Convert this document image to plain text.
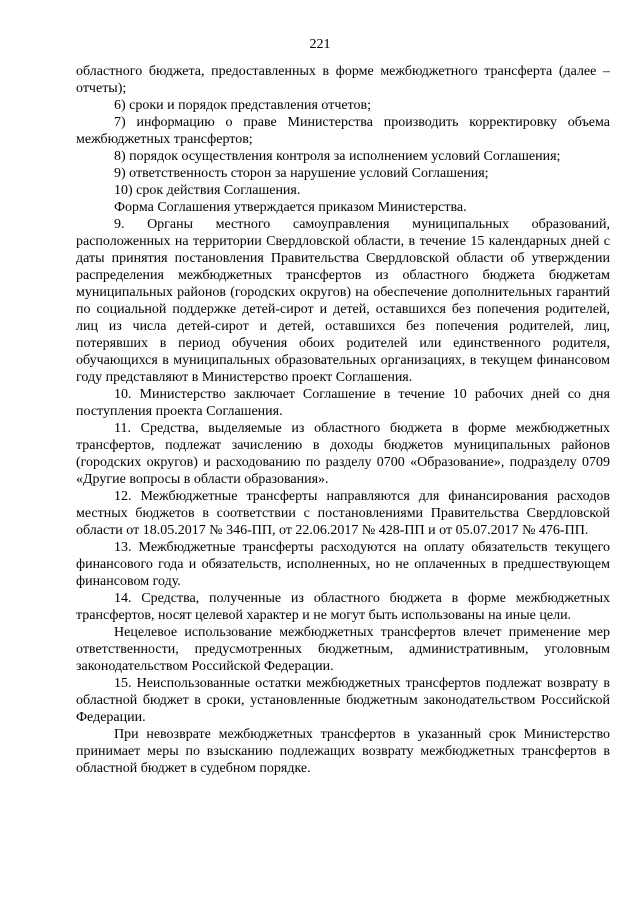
221

областного бюджета, предоставленных в форме межбюджетного трансферта (далее – отчеты);

6) сроки и порядок представления отчетов;

7) информацию о праве Министерства производить корректировку объема межбюджетных трансфертов;

8) порядок осуществления контроля за исполнением условий Соглашения;

9) ответственность сторон за нарушение условий Соглашения;

10) срок действия Соглашения.

Форма Соглашения утверждается приказом Министерства.

9. Органы местного самоуправления муниципальных образований, расположенных на территории Свердловской области, в течение 15 календарных дней с даты принятия постановления Правительства Свердловской области об утверждении распределения межбюджетных трансфертов из областного бюджета бюджетам муниципальных районов (городских округов) на обеспечение дополнительных гарантий по социальной поддержке детей-сирот и детей, оставшихся без попечения родителей, лиц из числа детей-сирот и детей, оставшихся без попечения родителей, лиц, потерявших в период обучения обоих родителей или единственного родителя, обучающихся в муниципальных образовательных организациях, в текущем финансовом году представляют в Министерство проект Соглашения.

10. Министерство заключает Соглашение в течение 10 рабочих дней со дня поступления проекта Соглашения.

11. Средства, выделяемые из областного бюджета в форме межбюджетных трансфертов, подлежат зачислению в доходы бюджетов муниципальных районов (городских округов) и расходованию по разделу 0700 «Образование», подразделу 0709 «Другие вопросы в области образования».

12. Межбюджетные трансферты направляются для финансирования расходов местных бюджетов в соответствии с постановлениями Правительства Свердловской области от 18.05.2017 № 346-ПП, от 22.06.2017 № 428-ПП и от 05.07.2017 № 476-ПП.

13. Межбюджетные трансферты расходуются на оплату обязательств текущего финансового года и обязательств, исполненных, но не оплаченных в предшествующем финансовом году.

14. Средства, полученные из областного бюджета в форме межбюджетных трансфертов, носят целевой характер и не могут быть использованы на иные цели.

Нецелевое использование межбюджетных трансфертов влечет применение мер ответственности, предусмотренных бюджетным, административным, уголовным законодательством Российской Федерации.

15. Неиспользованные остатки межбюджетных трансфертов подлежат возврату в областной бюджет в сроки, установленные бюджетным законодательством Российской Федерации.

При невозврате межбюджетных трансфертов в указанный срок Министерство принимает меры по взысканию подлежащих возврату межбюджетных трансфертов в областной бюджет в судебном порядке.
